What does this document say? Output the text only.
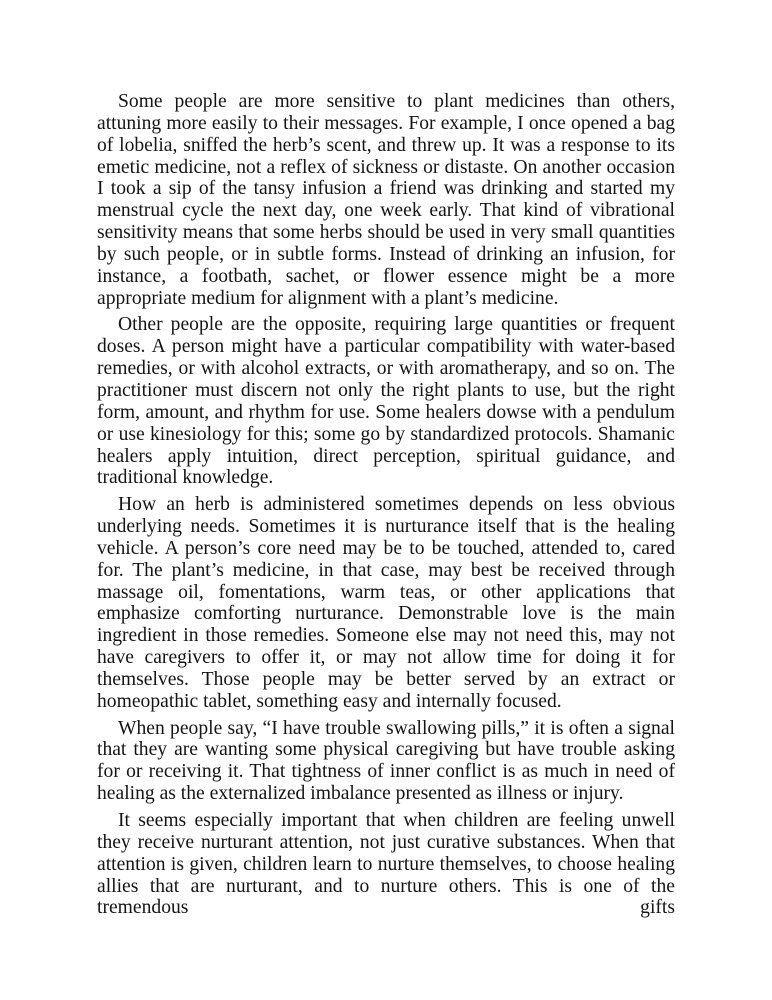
Some people are more sensitive to plant medicines than others, attuning more easily to their messages. For example, I once opened a bag of lobelia, sniffed the herb’s scent, and threw up. It was a response to its emetic medicine, not a reflex of sickness or distaste. On another occasion I took a sip of the tansy infusion a friend was drinking and started my menstrual cycle the next day, one week early. That kind of vibrational sensitivity means that some herbs should be used in very small quantities by such people, or in subtle forms. Instead of drinking an infusion, for instance, a footbath, sachet, or flower essence might be a more appropriate medium for alignment with a plant’s medicine.

Other people are the opposite, requiring large quantities or frequent doses. A person might have a particular compatibility with water-based remedies, or with alcohol extracts, or with aromatherapy, and so on. The practitioner must discern not only the right plants to use, but the right form, amount, and rhythm for use. Some healers dowse with a pendulum or use kinesiology for this; some go by standardized protocols. Shamanic healers apply intuition, direct perception, spiritual guidance, and traditional knowledge.

How an herb is administered sometimes depends on less obvious underlying needs. Sometimes it is nurturance itself that is the healing vehicle. A person’s core need may be to be touched, attended to, cared for. The plant’s medicine, in that case, may best be received through massage oil, fomentations, warm teas, or other applications that emphasize comforting nurturance. Demonstrable love is the main ingredient in those remedies. Someone else may not need this, may not have caregivers to offer it, or may not allow time for doing it for themselves. Those people may be better served by an extract or homeopathic tablet, something easy and internally focused.

When people say, “I have trouble swallowing pills,” it is often a signal that they are wanting some physical caregiving but have trouble asking for or receiving it. That tightness of inner conflict is as much in need of healing as the externalized imbalance presented as illness or injury.

It seems especially important that when children are feeling unwell they receive nurturant attention, not just curative substances. When that attention is given, children learn to nurture themselves, to choose healing allies that are nurturant, and to nurture others. This is one of the tremendous gifts
